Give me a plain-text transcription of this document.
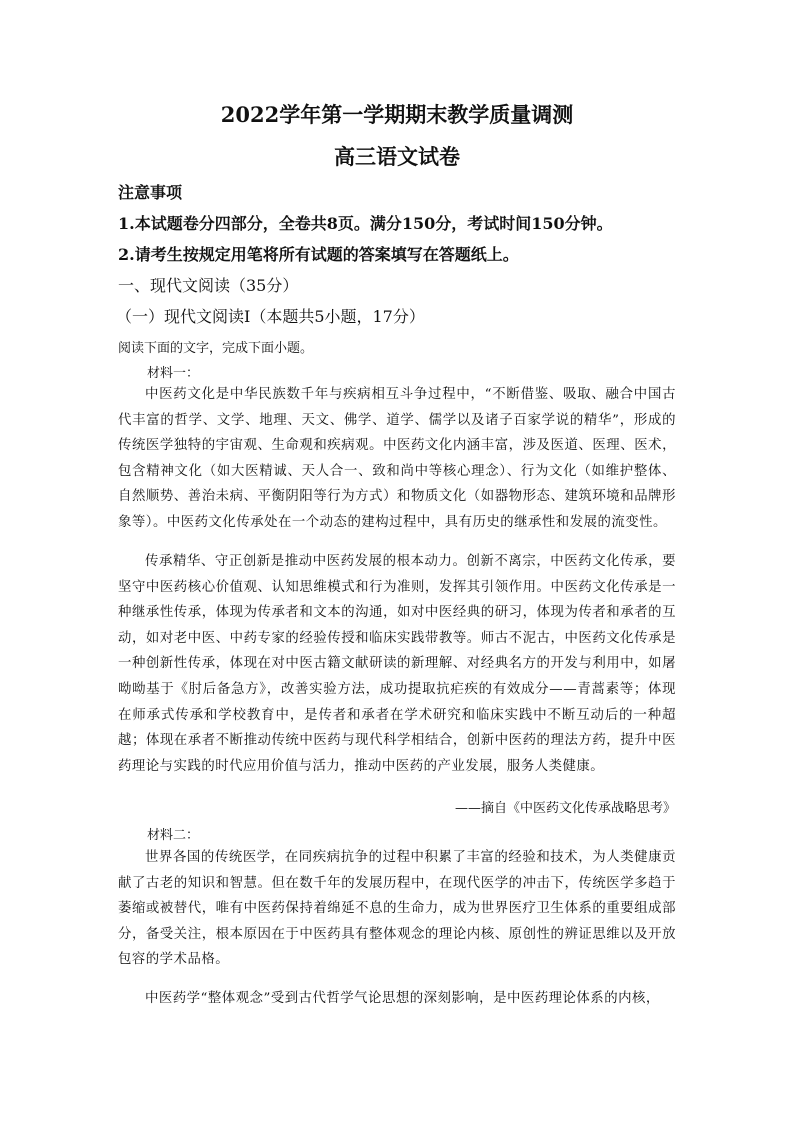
2022学年第一学期期末教学质量调测
高三语文试卷
注意事项
1.本试题卷分四部分，全卷共8页。满分150分，考试时间150分钟。
2.请考生按规定用笔将所有试题的答案填写在答题纸上。
一、现代文阅读（35分）
（一）现代文阅读Ⅰ（本题共5小题，17分）
阅读下面的文字，完成下面小题。
材料一：

中医药文化是中华民族数千年与疾病相互斗争过程中，“不断借鉴、吸取、融合中国古代丰富的哲学、文学、地理、天文、佛学、道学、儒学以及诸子百家学说的精华”，形成的传统医学独特的宇宙观、生命观和疾病观。中医药文化内涵丰富，涉及医道、医理、医术，包含精神文化（如大医精诚、天人合一、致和尚中等核心理念）、行为文化（如维护整体、自然顺势、善治未病、平衡阴阳等行为方式）和物质文化（如器物形态、建筑环境和品牌形象等）。中医药文化传承处在一个动态的建构过程中，具有历史的继承性和发展的流变性。

传承精华、守正创新是推动中医药发展的根本动力。创新不离宗，中医药文化传承，要坚守中医药核心价值观、认知思维模式和行为准则，发挥其引领作用。中医药文化传承是一种继承性传承，体现为传承者和文本的沟通，如对中医经典的研习，体现为传者和承者的互动，如对老中医、中药专家的经验传授和临床实践带教等。师古不泥古，中医药文化传承是一种创新性传承，体现在对中医古籍文献研读的新理解、对经典名方的开发与利用中，如屠呦呦基于《肘后备急方》，改善实验方法，成功提取抗疟疾的有效成分——青蒿素等；体现在师承式传承和学校教育中，是传者和承者在学术研究和临床实践中不断互动后的一种超越；体现在承者不断推动传统中医药与现代科学相结合，创新中医药的理法方药，提升中医药理论与实践的时代应用价值与活力，推动中医药的产业发展，服务人类健康。

——摘自《中医药文化传承战略思考》
材料二：

世界各国的传统医学，在同疾病抗争的过程中积累了丰富的经验和技术，为人类健康贡献了古老的知识和智慧。但在数千年的发展历程中，在现代医学的冲击下，传统医学多趋于萎缩或被替代，唯有中医药保持着绵延不息的生命力，成为世界医疗卫生体系的重要组成部分，备受关注，根本原因在于中医药具有整体观念的理论内核、原创性的辨证思维以及开放包容的学术品格。

中医药学“整体观念”受到古代哲学气论思想的深刻影响，是中医药理论体系的内核，
